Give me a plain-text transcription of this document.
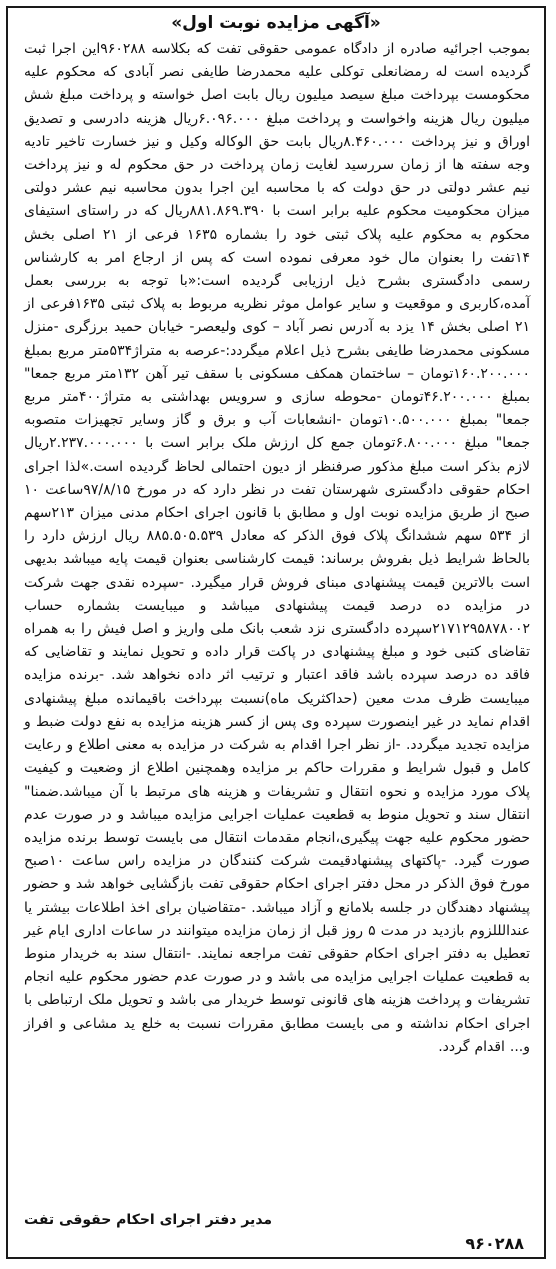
«آگهی مزایده نوبت اول»
بموجب اجرائیه صادره از دادگاه عمومی حقوقی تفت که بکلاسه ۹۶۰۲۸۸این اجرا ثبت گردیده است له رمضانعلی توکلی علیه محمدرضا طایفی نصر آبادی که محکوم علیه محکومست بپرداخت مبلغ سیصد میلیون ریال بابت اصل خواسته و پرداخت مبلغ شش میلیون ریال هزینه واخواست و پرداخت مبلغ ۶.۰۹۶.۰۰۰ریال هزینه دادرسی و تصدیق اوراق و نیز پرداخت ۸.۴۶۰.۰۰۰ریال بابت حق الوکاله وکیل و نیز خسارت تاخیر تادیه وجه سفته ها از زمان سررسید لغایت زمان پرداخت در حق محکوم له و نیز پرداخت نیم عشر دولتی در حق دولت که با محاسبه این اجرا بدون محاسبه نیم عشر دولتی میزان محکومیت محکوم علیه برابر است با ۸۸۱.۸۶۹.۳۹۰ریال که در راستای استیفای محکوم به محکوم علیه پلاک ثبتی خود را بشماره ۱۶۳۵ فرعی از ۲۱ اصلی بخش ۱۴تفت را بعنوان مال خود معرفی نموده است که پس از ارجاع امر به کارشناس رسمی دادگستری بشرح ذیل ارزیابی گردیده است:«با توجه به بررسی بعمل آمده،کاربری و موقعیت و سایر عوامل موثر نظریه مربوط به پلاک ثبتی ۱۶۳۵فرعی از ۲۱ اصلی بخش ۱۴ یزد به آدرس نصر آباد – کوی ولیعصر- خیابان حمید برزگری -منزل مسکونی محمدرضا طایفی بشرح ذیل اعلام میگردد:-عرصه به متراژ۵۳۴متر مربع بمبلغ ۱۶۰.۲۰۰.۰۰۰تومان – ساختمان همکف مسکونی با سقف تیر آهن ۱۳۲متر مربع جمعا" بمبلغ ۴۶.۲۰۰.۰۰۰تومان -محوطه سازی و سرویس بهداشتی به متراژ۴۰۰متر مربع جمعا" بمبلغ ۱۰.۵۰۰.۰۰۰تومان -انشعابات آب و برق و گاز وسایر تجهیزات متصوبه جمعا" مبلغ ۶.۸۰۰.۰۰۰تومان جمع کل ارزش ملک برابر است با ۲.۲۳۷.۰۰۰.۰۰۰ریال لازم بذکر است مبلغ مذکور صرفنظر از دیون احتمالی لحاظ گردیده است.»لذا اجرای احکام حقوقی دادگستری شهرستان تفت در نظر دارد که در مورخ ۹۷/۸/۱۵ساعت ۱۰ صبح از طریق مزایده نوبت اول و مطابق با قانون اجرای احکام مدنی میزان ۲۱۳سهم از ۵۳۴ سهم ششدانگ پلاک فوق الذکر که معادل ۸۸۵.۵۰۵.۵۳۹ ریال ارزش دارد را بالحاظ شرایط ذیل بفروش برساند: قیمت کارشناسی بعنوان قیمت پایه میباشد بدیهی است بالاترین قیمت پیشنهادی مبنای فروش قرار میگیرد. -سپرده نقدی جهت شرکت در مزایده ده درصد قیمت پیشنهادی میباشد و میبایست بشماره حساب ۲۱۷۱۲۹۵۸۷۸۰۰۲سپرده دادگستری نزد شعب بانک ملی واریز و اصل فیش را به همراه تقاضای کتبی خود و مبلغ پیشنهادی در پاکت قرار داده و تحویل نمایند و تقاضایی که فاقد ده درصد سپرده باشد فاقد اعتبار و ترتیب اثر داده نخواهد شد. -برنده مزایده میبایست ظرف مدت معین (حداکثریک ماه)نسبت بپرداخت باقیمانده مبلغ پیشنهادی اقدام نماید در غیر اینصورت سپرده وی پس از کسر هزینه مزایده به نفع دولت ضبط و مزایده تجدید میگردد. -از نظر اجرا اقدام به شرکت در مزایده به معنی اطلاع و رعایت کامل و قبول شرایط و مقررات حاکم بر مزایده وهمچنین اطلاع از وضعیت و کیفیت پلاک مورد مزایده و نحوه انتقال و تشریفات و هزینه های مرتبط با آن میباشد.ضمنا" انتقال سند و تحویل منوط به قطعیت عملیات اجرایی مزایده میباشد و در صورت عدم حضور محکوم علیه جهت پیگیری،انجام مقدمات انتقال می بایست توسط برنده مزایده صورت گیرد. -پاکتهای پیشنهادقیمت شرکت کنندگان در مزایده راس ساعت ۱۰صبح مورخ فوق الذکر در محل دفتر اجرای احکام حقوقی تفت بازگشایی خواهد شد و حضور پیشنهاد دهندگان در جلسه بلامانع و آزاد میباشد. -متقاضیان برای اخذ اطلاعات بیشتر یا عندالللزوم بازدید در مدت ۵ روز قبل از زمان مزایده میتوانند در ساعات اداری ایام غیر تعطیل به دفتر اجرای احکام حقوقی تفت مراجعه نمایند. -انتقال سند به خریدار منوط به قطعیت عملیات اجرایی مزایده می باشد و در صورت عدم حضور محکوم علیه انجام تشریفات و پرداخت هزینه های قانونی توسط خریدار می باشد و تحویل ملک ارتباطی با اجرای احکام نداشته و می بایست مطابق مقررات نسبت به خلع ید مشاعی و افراز و... اقدام گردد.
مدیر دفتر اجرای احکام حقوقی تفت
۹۶۰۲۸۸
